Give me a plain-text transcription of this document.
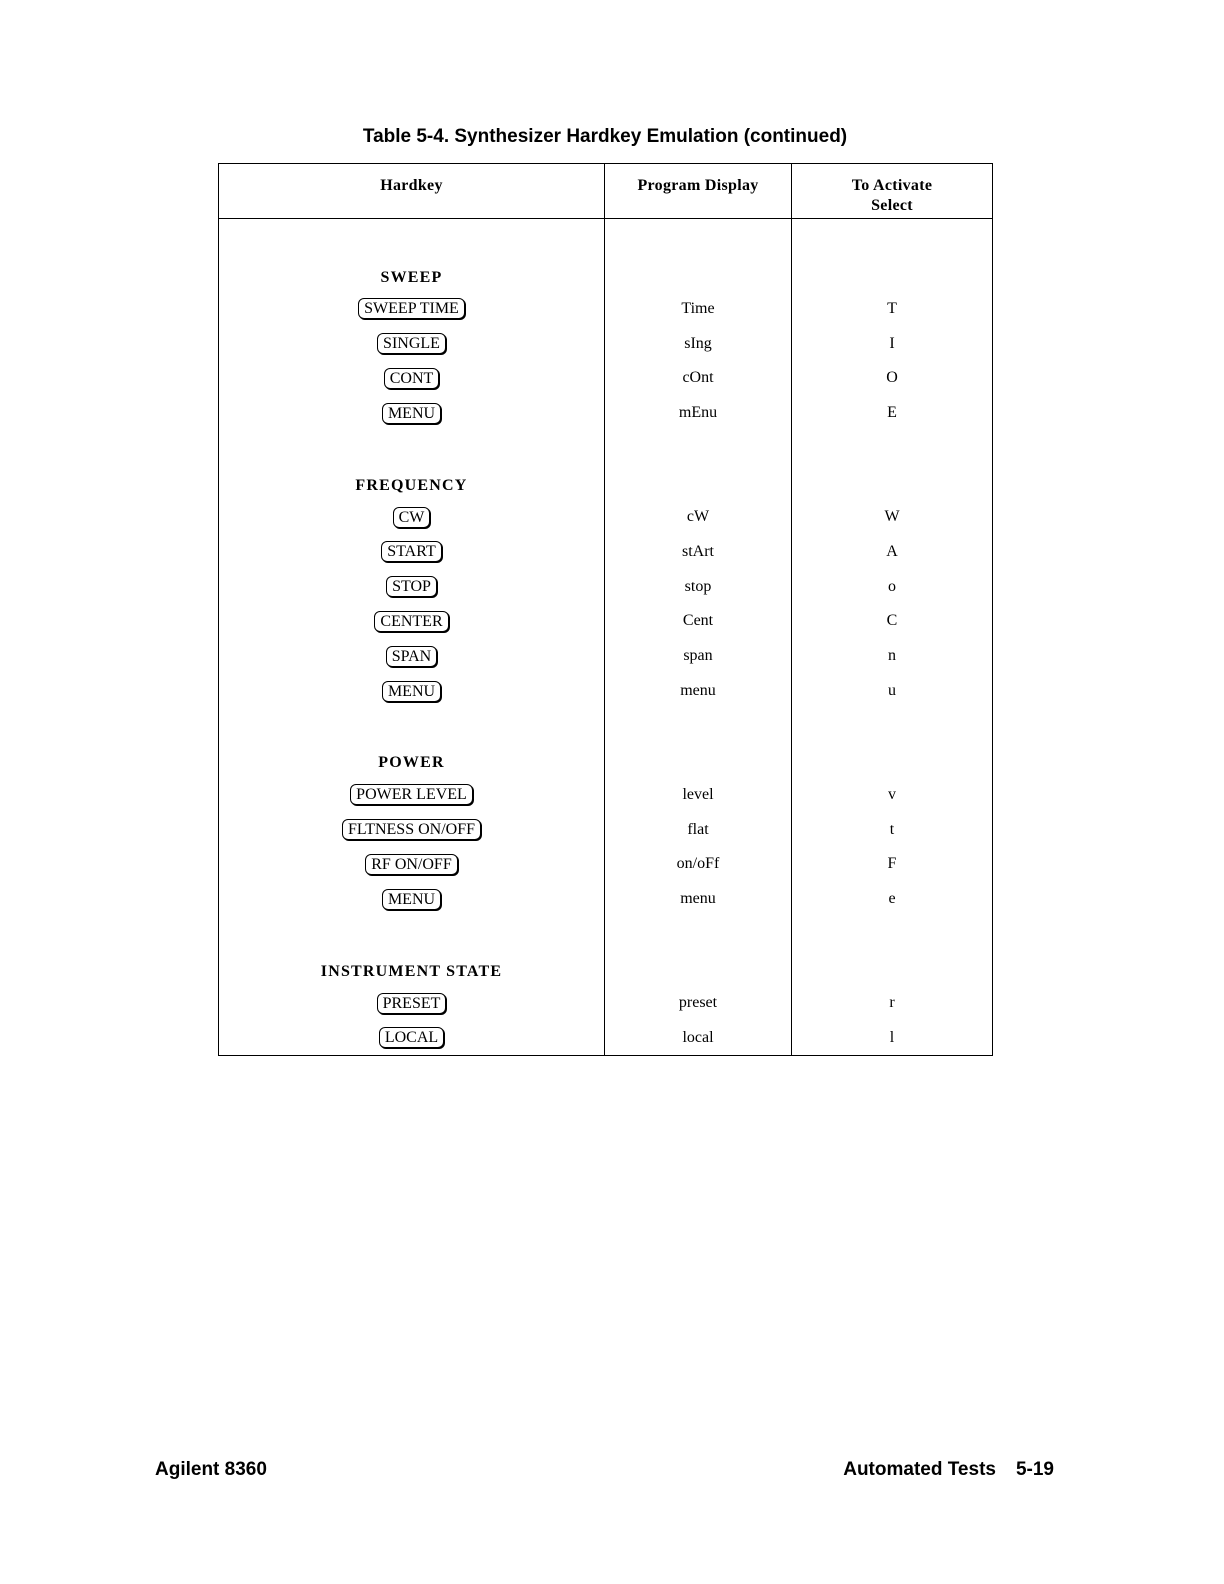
Table 5-4. Synthesizer Hardkey Emulation (continued)
Hardkey	Program Display	To Activate
Select
SWEEP		
SWEEP TIME	Time	T
SINGLE	sIng	I
CONT	cOnt	O
MENU	mEnu	E
FREQUENCY		
CW	cW	W
START	stArt	A
STOP	stop	o
CENTER	Cent	C
SPAN	span	n
MENU	menu	u
POWER		
POWER LEVEL	level	v
FLTNESS ON/OFF	flat	t
RF ON/OFF	on/oFf	F
MENU	menu	e
INSTRUMENT STATE		
PRESET	preset	r
LOCAL	local	l
Agilent 8360	Automated Tests 5-19
